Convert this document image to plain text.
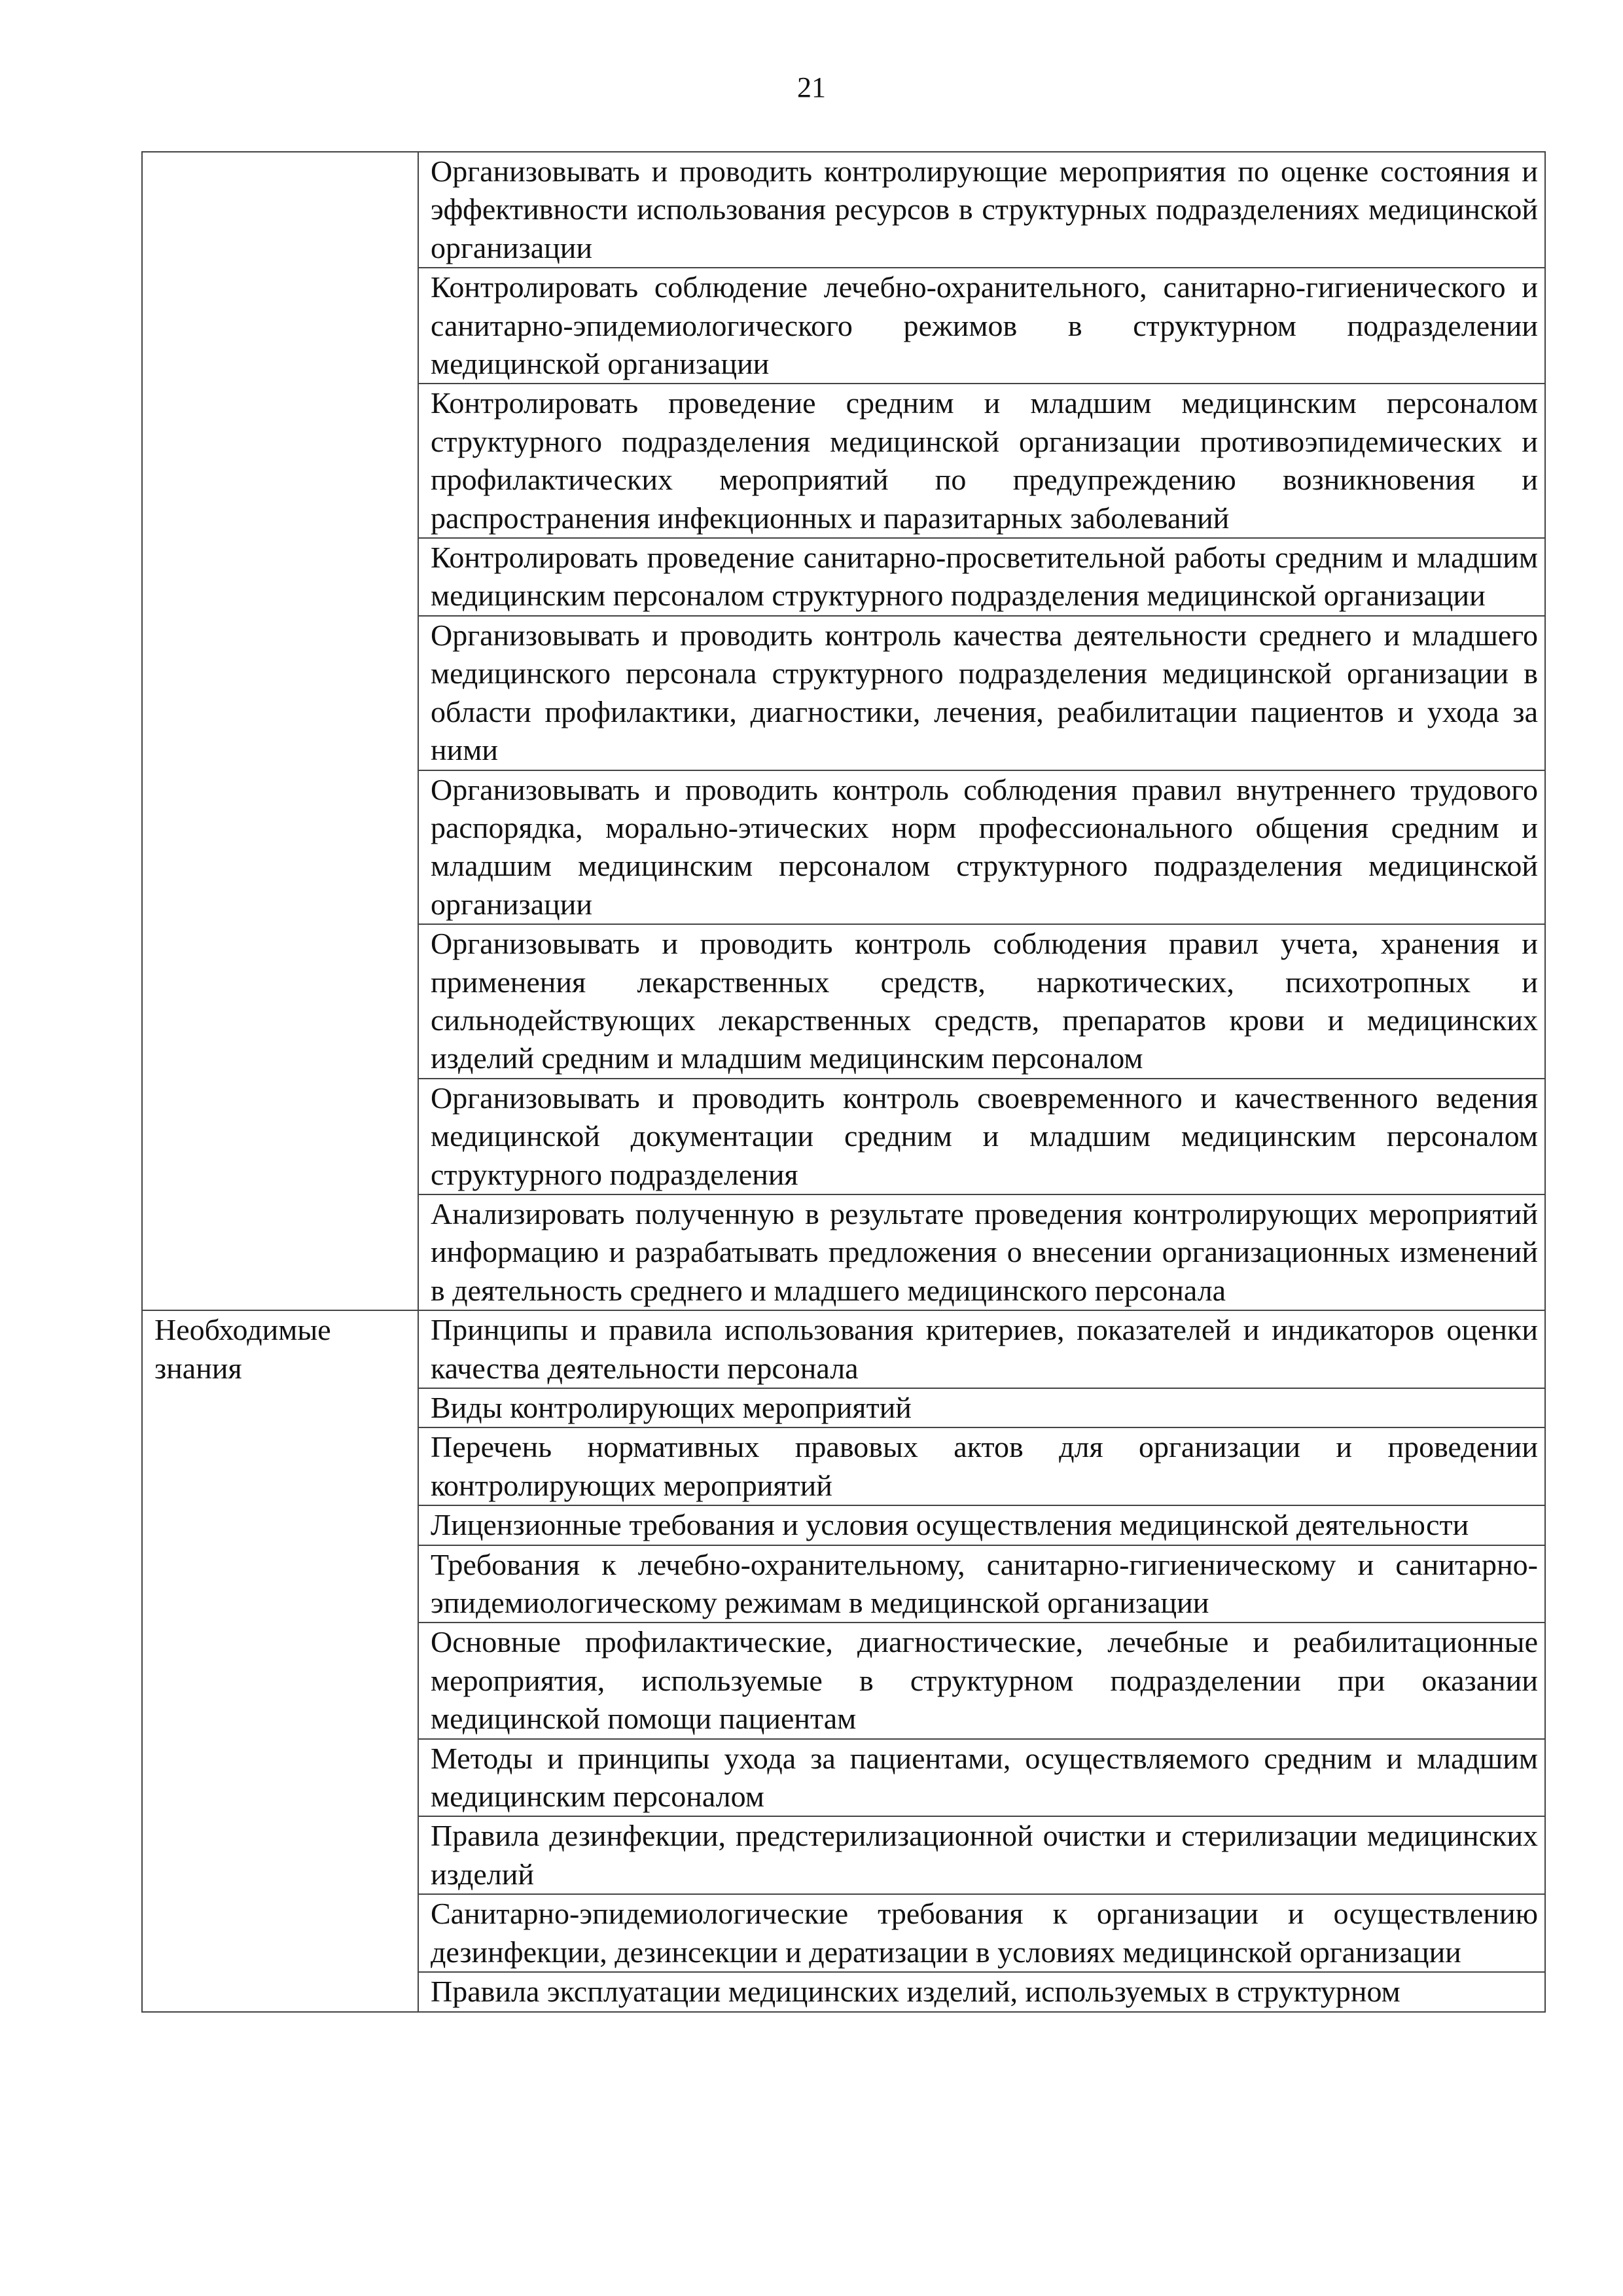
21

	Организовывать и проводить контролирующие мероприятия по оценке состояния и эффективности использования ресурсов в структурных подразделениях медицинской организации

	Контролировать соблюдение лечебно-охранительного, санитарно-гигиенического и санитарно-эпидемиологического режимов в структурном подразделении медицинской организации

	Контролировать проведение средним и младшим медицинским персоналом структурного подразделения медицинской организации противоэпидемических и профилактических мероприятий по предупреждению возникновения и распространения инфекционных и паразитарных заболеваний

	Контролировать проведение санитарно-просветительной работы средним и младшим медицинским персоналом структурного подразделения медицинской организации

	Организовывать и проводить контроль качества деятельности среднего и младшего медицинского персонала структурного подразделения медицинской организации в области профилактики, диагностики, лечения, реабилитации пациентов и ухода за ними

	Организовывать и проводить контроль соблюдения правил внутреннего трудового распорядка, морально-этических норм профессионального общения средним и младшим медицинским персоналом структурного подразделения медицинской организации

	Организовывать и проводить контроль соблюдения правил учета, хранения и применения лекарственных средств, наркотических, психотропных и сильнодействующих лекарственных средств, препаратов крови и медицинских изделий средним и младшим медицинским персоналом

	Организовывать и проводить контроль своевременного и качественного ведения медицинской документации средним и младшим медицинским персоналом структурного подразделения

	Анализировать полученную в результате проведения контролирующих мероприятий информацию и разрабатывать предложения о внесении организационных изменений в деятельность среднего и младшего медицинского персонала

Необходимые знания	Принципы и правила использования критериев, показателей и индикаторов оценки качества деятельности персонала

	Виды контролирующих мероприятий

	Перечень нормативных правовых актов для организации и проведении контролирующих мероприятий

	Лицензионные требования и условия осуществления медицинской деятельности

	Требования к лечебно-охранительному, санитарно-гигиеническому и санитарно-эпидемиологическому режимам в медицинской организации

	Основные профилактические, диагностические, лечебные и реабилитационные мероприятия, используемые в структурном подразделении при оказании медицинской помощи пациентам

	Методы и принципы ухода за пациентами, осуществляемого средним и младшим медицинским персоналом

	Правила дезинфекции, предстерилизационной очистки и стерилизации медицинских изделий

	Санитарно-эпидемиологические требования к организации и осуществлению дезинфекции, дезинсекции и дератизации в условиях медицинской организации

	Правила эксплуатации медицинских изделий, используемых в структурном
